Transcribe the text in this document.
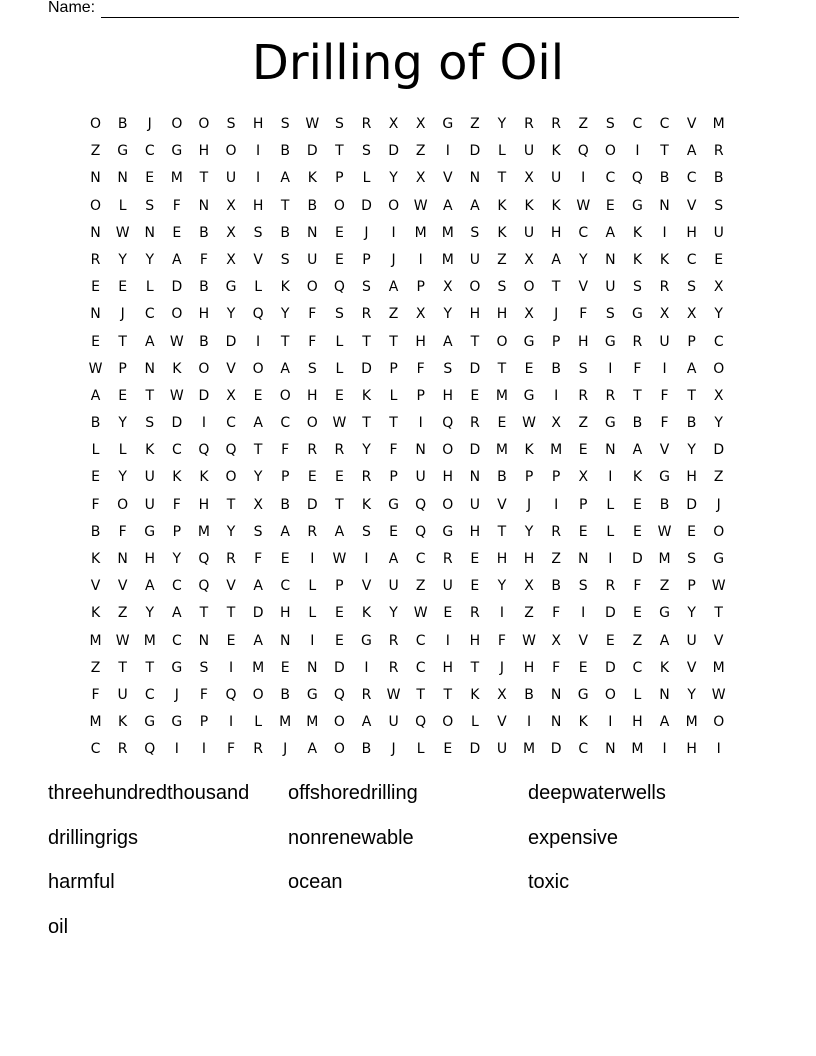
Name:
Drilling of Oil
O	B	J	O	O	S	H	S	W	S	R	X	X	G	Z	Y	R	R	Z	S	C	C	V	M
Z	G	C	G	H	O	I	B	D	T	S	D	Z	I	D	L	U	K	Q	O	I	T	A	R
N	N	E	M	T	U	I	A	K	P	L	Y	X	V	N	T	X	U	I	C	Q	B	C	B
O	L	S	F	N	X	H	T	B	O	D	O	W	A	A	K	K	K	W	E	G	N	V	S
N	W	N	E	B	X	S	B	N	E	J	I	M	M	S	K	U	H	C	A	K	I	H	U
R	Y	Y	A	F	X	V	S	U	E	P	J	I	M	U	Z	X	A	Y	N	K	K	C	E
E	E	L	D	B	G	L	K	O	Q	S	A	P	X	O	S	O	T	V	U	S	R	S	X
N	J	C	O	H	Y	Q	Y	F	S	R	Z	X	Y	H	H	X	J	F	S	G	X	X	Y
E	T	A	W	B	D	I	T	F	L	T	T	H	A	T	O	G	P	H	G	R	U	P	C
W	P	N	K	O	V	O	A	S	L	D	P	F	S	D	T	E	B	S	I	F	I	A	O
A	E	T	W	D	X	E	O	H	E	K	L	P	H	E	M	G	I	R	R	T	F	T	X
B	Y	S	D	I	C	A	C	O	W	T	T	I	Q	R	E	W	X	Z	G	B	F	B	Y
L	L	K	C	Q	Q	T	F	R	R	Y	F	N	O	D	M	K	M	E	N	A	V	Y	D
E	Y	U	K	K	O	Y	P	E	E	R	P	U	H	N	B	P	P	X	I	K	G	H	Z
F	O	U	F	H	T	X	B	D	T	K	G	Q	O	U	V	J	I	P	L	E	B	D	J
B	F	G	P	M	Y	S	A	R	A	S	E	Q	G	H	T	Y	R	E	L	E	W	E	O
K	N	H	Y	Q	R	F	E	I	W	I	A	C	R	E	H	H	Z	N	I	D	M	S	G
V	V	A	C	Q	V	A	C	L	P	V	U	Z	U	E	Y	X	B	S	R	F	Z	P	W
K	Z	Y	A	T	T	D	H	L	E	K	Y	W	E	R	I	Z	F	I	D	E	G	Y	T
M	W	M	C	N	E	A	N	I	E	G	R	C	I	H	F	W	X	V	E	Z	A	U	V
Z	T	T	G	S	I	M	E	N	D	I	R	C	H	T	J	H	F	E	D	C	K	V	M
F	U	C	J	F	Q	O	B	G	Q	R	W	T	T	K	X	B	N	G	O	L	N	Y	W
M	K	G	G	P	I	L	M	M	O	A	U	Q	O	L	V	I	N	K	I	H	A	M	O
C	R	Q	I	I	F	R	J	A	O	B	J	L	E	D	U	M	D	C	N	M	I	H	I
threehundredthousand	offshoredrilling	deepwaterwells
drillingrigs	nonrenewable	expensive
harmful	ocean	toxic
oil
